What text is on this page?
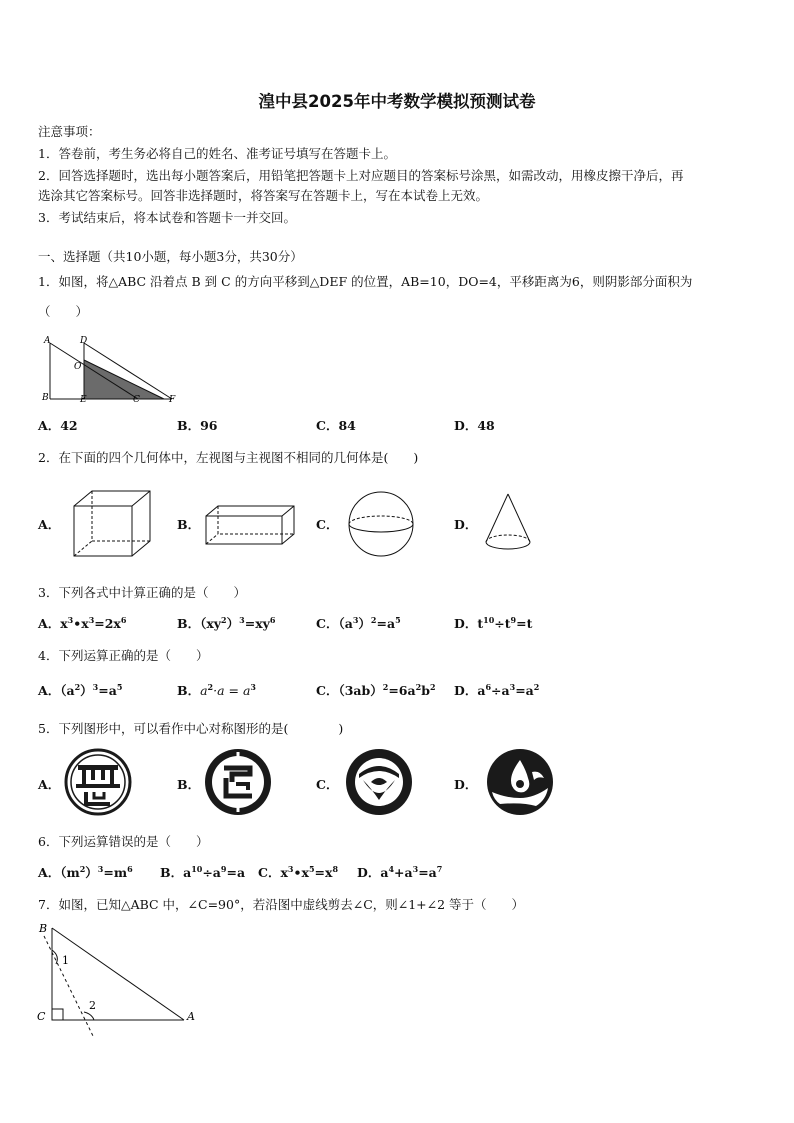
湟中县2025年中考数学模拟预测试卷
注意事项：
1．答卷前，考生务必将自己的姓名、准考证号填写在答题卡上。
2．回答选择题时，选出每小题答案后，用铅笔把答题卡上对应题目的答案标号涂黑，如需改动，用橡皮擦干净后，再
选涂其它答案标号。回答非选择题时，将答案写在答题卡上，写在本试卷上无效。
3．考试结束后，将本试卷和答题卡一并交回。
一、选择题（共10小题，每小题3分，共30分）
1．如图，将△ABC 沿着点 B 到 C 的方向平移到△DEF 的位置，AB=10，DO=4，平移距离为6，则阴影部分面积为
（　　）
A	D
O
B	E	C	F
A．42	B．96	C．84	D．48
2．在下面的四个几何体中，左视图与主视图不相同的几何体是(　　)
A．	B．	C．	D．
3．下列各式中计算正确的是（　　）
A．$x^3•x^3=2x^6$	B．$(xy^2)^3=xy^6$	C．$(a^3)^2=a^5$	D．$t^{10}\div t^9=t$
4．下列运算正确的是（　　）
A．$(a^2)^3=a^5$	B．$a^2\cdot a = a^3$	C．$(3ab)^2=6a^2b^2$ D．$a^6\div a^3=a^2$
5．下列图形中，可以看作中心对称图形的是(　　　　)
A．	B．	C．	D．
6．下列运算错误的是（　　）
A．$(m^2)^3=m^6$ B．$a^{10}\div a^9=a$ C．$x^3•x^5=x^8$ D．$a^4+a^3=a^7$
7．如图，已知△ABC 中，∠C=90°，若沿图中虚线剪去∠C，则∠1+∠2 等于（　　）
B
C	A
1
2
